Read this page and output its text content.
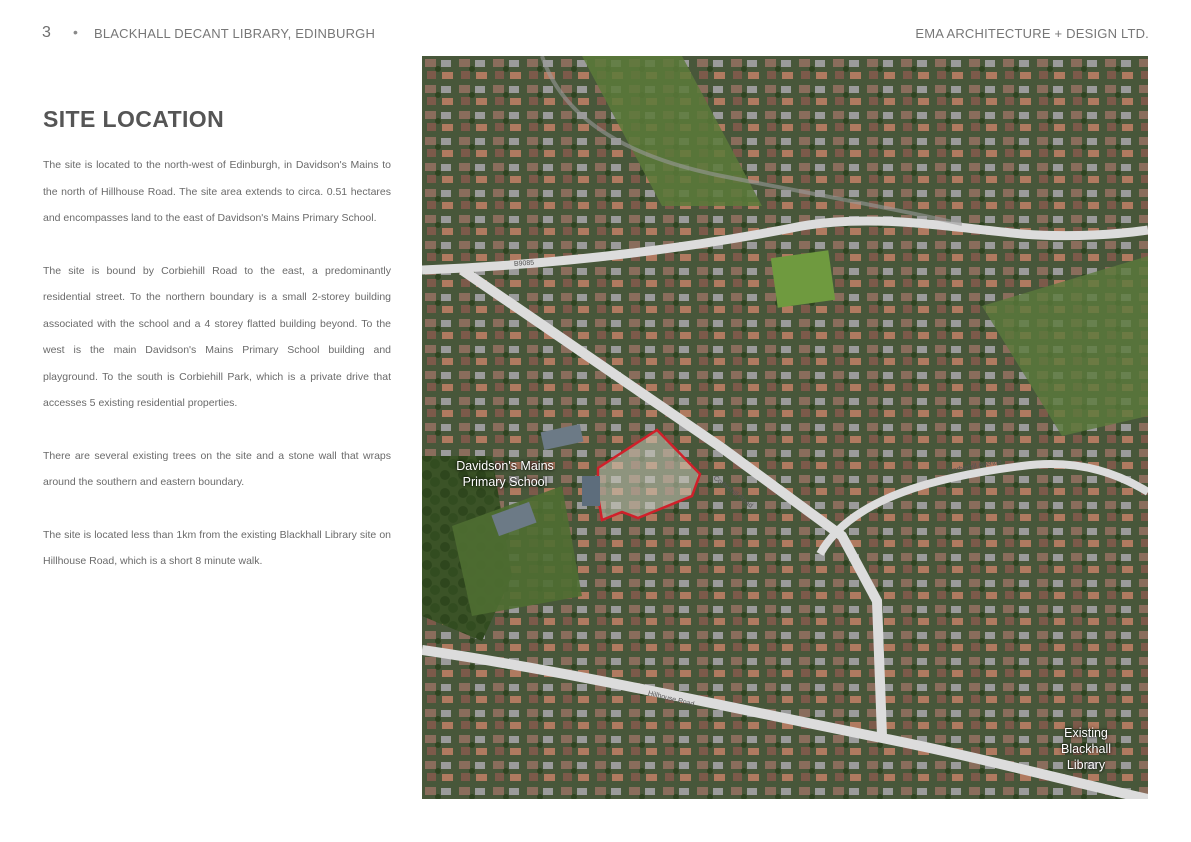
3 • BLACKHALL DECANT LIBRARY, EDINBURGH	EMA ARCHITECTURE + DESIGN LTD.
SITE LOCATION

The site is located to the north-west of Edinburgh, in Davidson's Mains to the north of Hillhouse Road. The site area extends to circa. 0.51 hectares and encompasses land to the east of Davidson's Mains Primary School.

The site is bound by Corbiehill Road to the east, a predominantly residential street. To the northern boundary is a small 2-storey building associated with the school and a 4 storey flatted building beyond. To the west is the main Davidson's Mains Primary School building and playground. To the south is Corbiehill Park, which is a private drive that accesses 5 existing residential properties.

There are several existing trees on the site and a stone wall that wraps around the southern and eastern boundary.

The site is located less than 1km from the existing Blackhall Library site on Hillhouse Road, which is a short 8 minute walk.

Davidson's Mains Primary School
Existing Blackhall Library
B9085
Corbiehill Road
Corbiehill Avenue
Hillhouse Road
